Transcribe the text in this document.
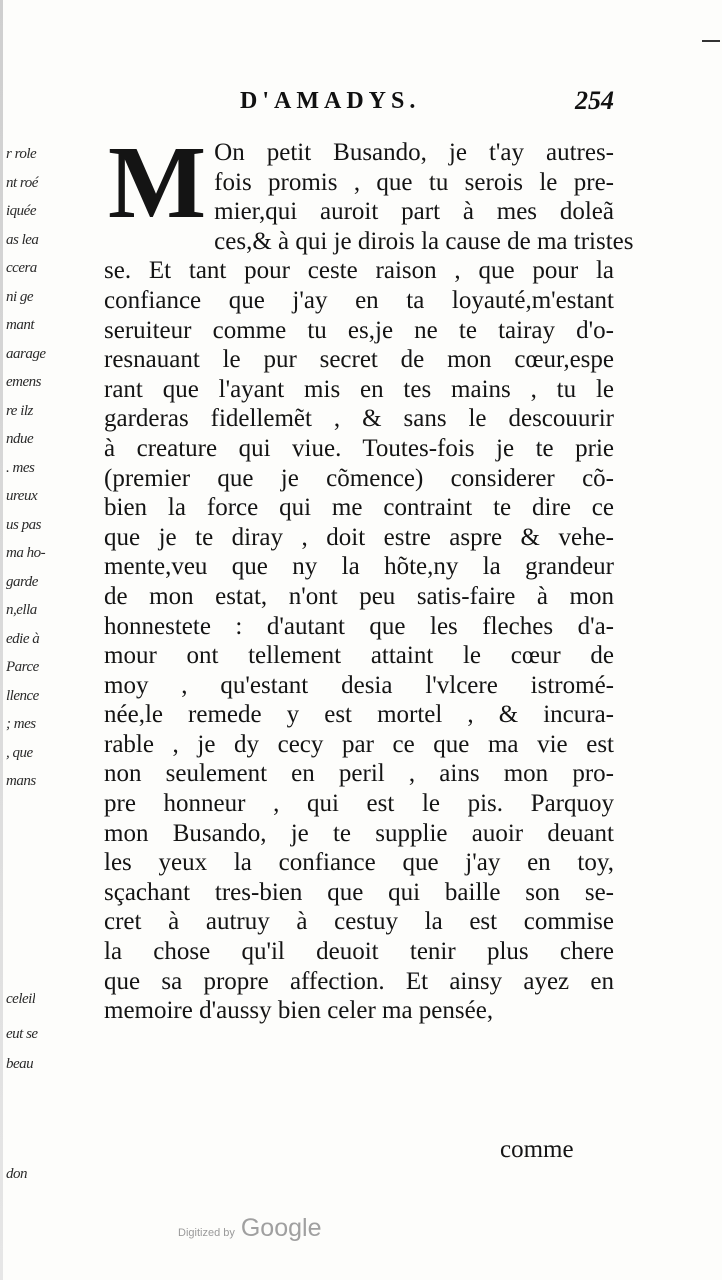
r role
nt roé
iquée
as lea
ccera
ni ge
mant
aarage
emens
re ilz
ndue
. mes
ureux
us pas
ma ho-
garde
n,ella
edie à
Parce
llence
; mes
, que
mans
celeil
eut se
beau
don
D'AMADYS.	254
M On petit Busando, je t'ay autres-
fois promis , que tu serois le pre-
mier,qui auroit part à mes doleã
ces,& à qui je dirois la cause de ma tristes
se. Et tant pour ceste raison , que pour la
confiance que j'ay en ta loyauté,m'estant
seruiteur comme tu es,je ne te tairay d'o-
resnauant le pur secret de mon cœur,espe
rant que l'ayant mis en tes mains , tu le
garderas fidellemẽt , & sans le descouurir
à creature qui viue. Toutes-fois je te prie
(premier que je cõmence) considerer cõ-
bien la force qui me contraint te dire ce
que je te diray , doit estre aspre & vehe-
mente,veu que ny la hõte,ny la grandeur
de mon estat, n'ont peu satis-faire à mon
honnestete : d'autant que les fleches d'a-
mour ont tellement attaint le cœur de
moy , qu'estant desia l'vlcere istromé-
née,le remede y est mortel , & incura-
rable , je dy cecy par ce que ma vie est
non seulement en peril , ains mon pro-
pre honneur , qui est le pis. Parquoy
mon Busando, je te supplie auoir deuant
les yeux la confiance que j'ay en toy,
sçachant tres-bien que qui baille son se-
cret à autruy à cestuy la est commise
la chose qu'il deuoit tenir plus chere
que sa propre affection. Et ainsy ayez en
memoire d'aussy bien celer ma pensée,
comme
Digitized by Google
